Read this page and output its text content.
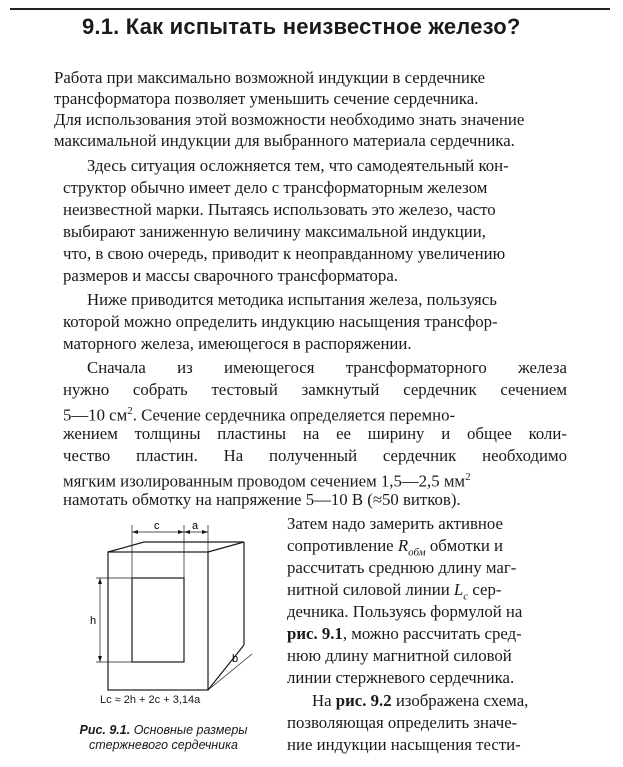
9.1. Как испытать неизвестное железо?
Работа при максимально возможной индукции в сердечнике
трансформатора позволяет уменьшить сечение сердечника.
Для использования этой возможности необходимо знать значение
максимальной индукции для выбранного материала сердечника.
Здесь ситуация осложняется тем, что самодеятельный кон-
структор обычно имеет дело с трансформаторным железом
неизвестной марки. Пытаясь использовать это железо, часто
выбирают заниженную величину максимальной индукции,
что, в свою очередь, приводит к неоправданному увеличению
размеров и массы сварочного трансформатора.
Ниже приводится методика испытания железа, пользуясь
которой можно определить индукцию насыщения трансфор-
маторного железа, имеющегося в распоряжении.
Сначала из имеющегося трансформаторного железа
нужно собрать тестовый замкнутый сердечник сечением
5—10 $см^2$. Сечение сердечника определяется перемно-
жением толщины пластины на ее ширину и общее коли-
чество пластин. На полученный сердечник необходимо
мягким изолированным проводом сечением 1,5—2,5 $мм^2$
намотать обмотку на напряжение 5—10 В (≈50 витков).
Затем надо замерить активное
сопротивление $R_{обм}$ обмотки и
рассчитать среднюю длину маг-
нитной силовой линии $L_c$ сер-
дечника. Пользуясь формулой на
рис. 9.1, можно рассчитать сред-
нюю длину магнитной силовой
линии стержневого сердечника.
На рис. 9.2 изображена схема,
позволяющая определить значе-
ние индукции насыщения тести-
c	a
h
b
Lc ≈ 2h + 2c + 3,14a
Рис. 9.1. Основные размеры
стержневого сердечника
